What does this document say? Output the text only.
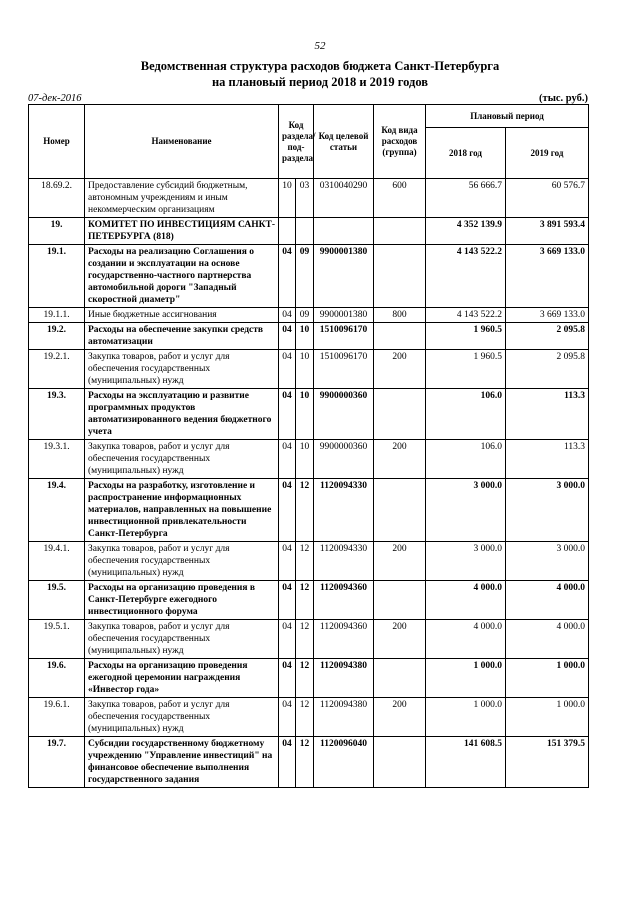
52
Ведомственная структура расходов бюджета Санкт-Петербурга
на плановый период 2018 и 2019 годов
07-дек-2016	(тыс. руб.)
Номер	Наименование	Код раздела/ под-раздела		Код целевой статьи	Код вида расходов (группа)	Плановый период	
						2018 год	2019 год
18.69.2.	Предоставление субсидий бюджетным, автономным учреждениям и иным некоммерческим организациям	10	03	0310040290	600	56 666.7	60 576.7
19.	КОМИТЕТ ПО ИНВЕСТИЦИЯМ САНКТ-ПЕТЕРБУРГА (818)					4 352 139.9	3 891 593.4
19.1.	Расходы на реализацию Соглашения о создании и эксплуатации на основе государственно-частного партнерства автомобильной дороги "Западный скоростной диаметр"	04	09	9900001380		4 143 522.2	3 669 133.0
19.1.1.	Иные бюджетные ассигнования	04	09	9900001380	800	4 143 522.2	3 669 133.0
19.2.	Расходы на обеспечение закупки средств автоматизации	04	10	1510096170		1 960.5	2 095.8
19.2.1.	Закупка товаров, работ и услуг для обеспечения государственных (муниципальных) нужд	04	10	1510096170	200	1 960.5	2 095.8
19.3.	Расходы на эксплуатацию и развитие программных продуктов автоматизированного ведения бюджетного учета	04	10	9900000360		106.0	113.3
19.3.1.	Закупка товаров, работ и услуг для обеспечения государственных (муниципальных) нужд	04	10	9900000360	200	106.0	113.3
19.4.	Расходы на разработку, изготовление и распространение информационных материалов, направленных на повышение инвестиционной привлекательности Санкт-Петербурга	04	12	1120094330		3 000.0	3 000.0
19.4.1.	Закупка товаров, работ и услуг для обеспечения государственных (муниципальных) нужд	04	12	1120094330	200	3 000.0	3 000.0
19.5.	Расходы на организацию проведения в Санкт-Петербурге ежегодного инвестиционного форума	04	12	1120094360		4 000.0	4 000.0
19.5.1.	Закупка товаров, работ и услуг для обеспечения государственных (муниципальных) нужд	04	12	1120094360	200	4 000.0	4 000.0
19.6.	Расходы на организацию проведения ежегодной церемонии награждения «Инвестор года»	04	12	1120094380		1 000.0	1 000.0
19.6.1.	Закупка товаров, работ и услуг для обеспечения государственных (муниципальных) нужд	04	12	1120094380	200	1 000.0	1 000.0
19.7.	Субсидии государственному бюджетному учреждению "Управление инвестиций" на финансовое обеспечение выполнения государственного задания	04	12	1120096040		141 608.5	151 379.5
